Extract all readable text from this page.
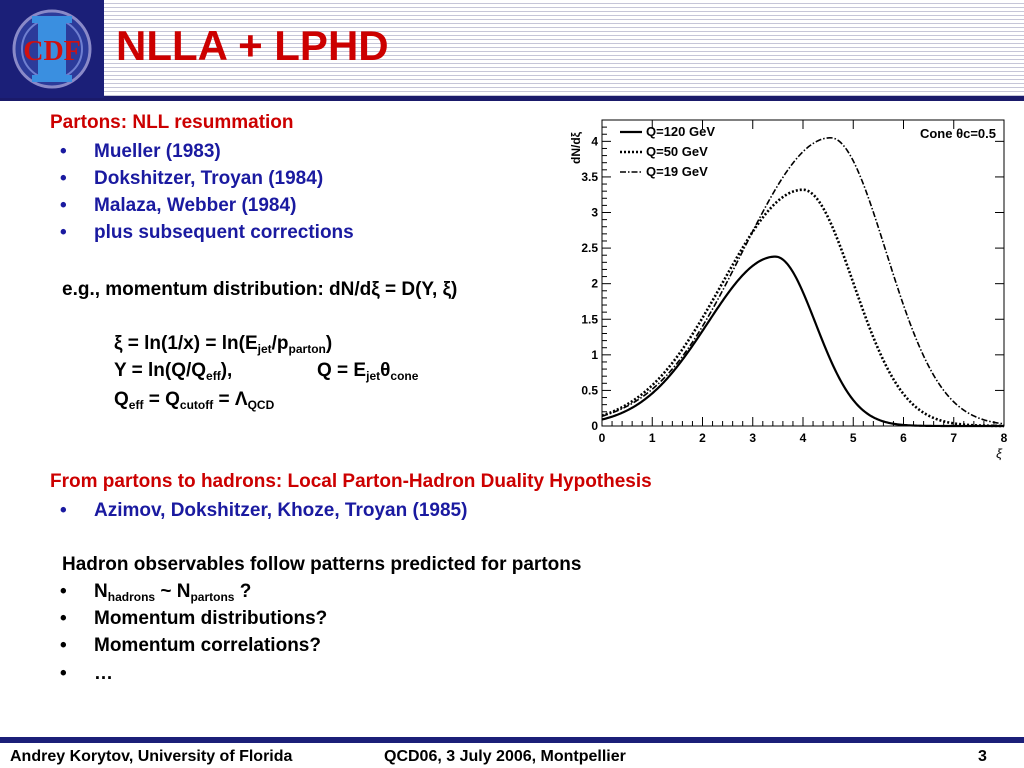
CDF NLLA + LPHD
Partons: NLL resummation
• Mueller (1983)
• Dokshitzer, Troyan (1984)
• Malaza, Webber (1984)
• plus subsequent corrections
e.g., momentum distribution: dN/dξ = D(Y, ξ)
$\xi = \ln(1/x) = \ln(E_{jet}/p_{parton})$
$Y = \ln(Q/Q_{eff})$,	$Q = E_{jet}\theta_{cone}$
$Q_{eff} = Q_{cutoff} = \Lambda_{QCD}$
0	1	2	3	4	5	6	7	8
0
0.5
1
1.5
2
2.5
3
3.5
4
ξ
dN/dξ	Cone θc=0.5
Q=120 GeV
Q=50 GeV
Q=19 GeV
From partons to hadrons: Local Parton-Hadron Duality Hypothesis
• Azimov, Dokshitzer, Khoze, Troyan (1985)
Hadron observables follow patterns predicted for partons
• $N_{hadrons}$ ~ $N_{partons}$ ?
• Momentum distributions?
• Momentum correlations?
• …
Andrey Korytov, University of Florida	QCD06, 3 July 2006, Montpellier	3
